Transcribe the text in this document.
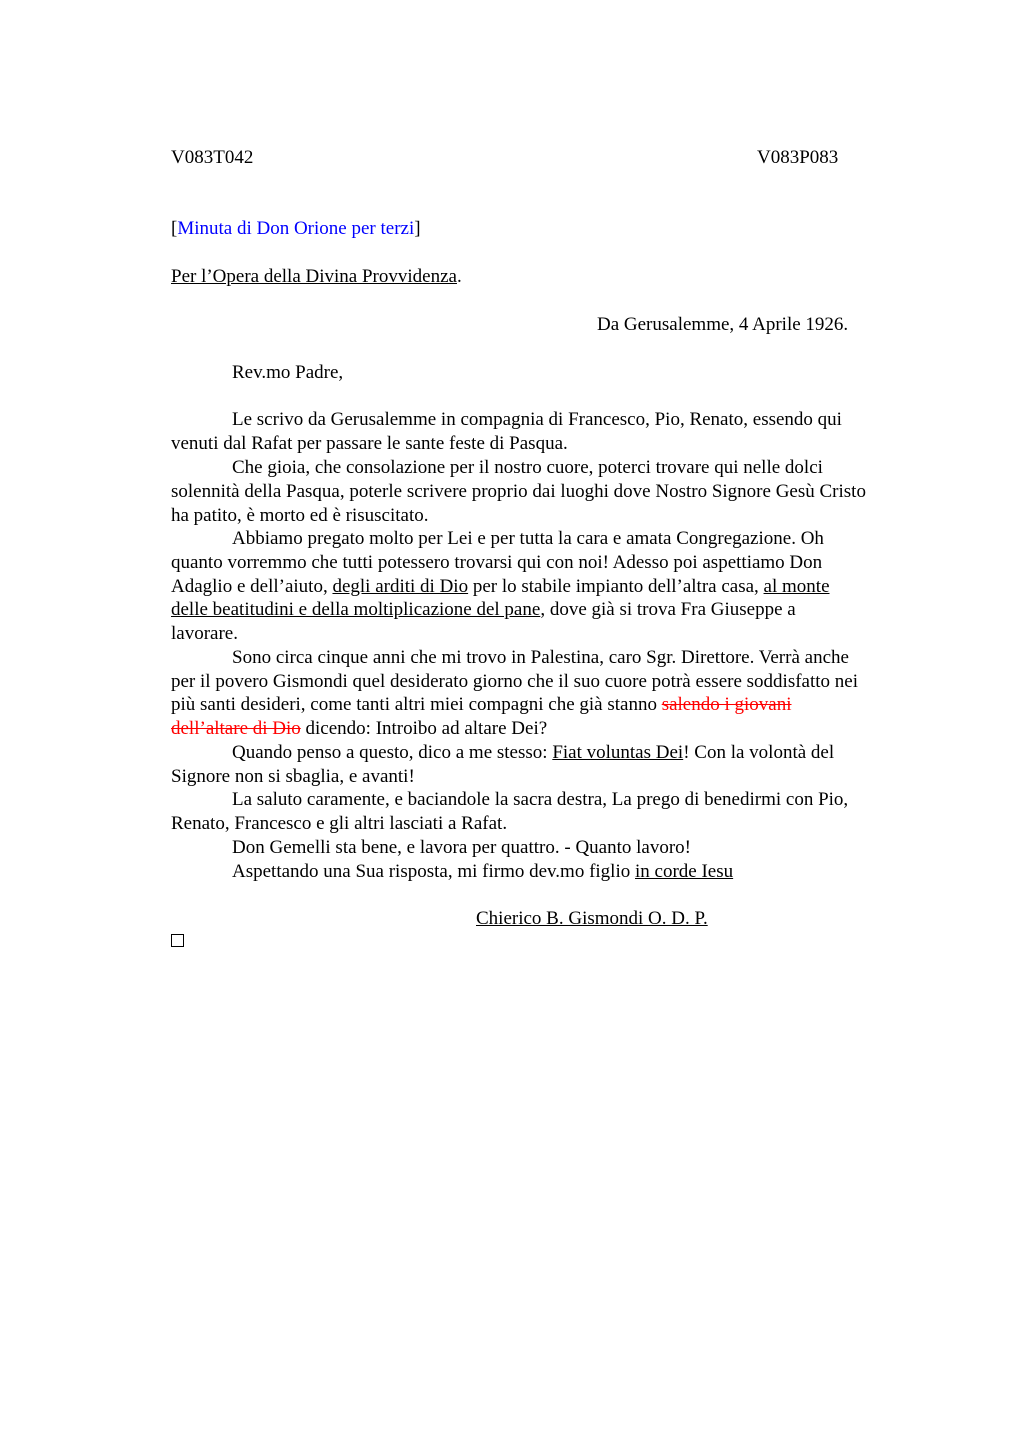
V083T042	V083P083
[Minuta di Don Orione per terzi]
Per l’Opera della Divina Provvidenza.
Da Gerusalemme, 4 Aprile 1926.
Rev.mo Padre,
Le scrivo da Gerusalemme in compagnia di Francesco, Pio, Renato, essendo qui
venuti dal Rafat per passare le sante feste di Pasqua.
Che gioia, che consolazione per il nostro cuore, poterci trovare qui nelle dolci
solennità della Pasqua, poterle scrivere proprio dai luoghi dove Nostro Signore Gesù Cristo
ha patito, è morto ed è risuscitato.
Abbiamo pregato molto per Lei e per tutta la cara e amata Congregazione. Oh
quanto vorremmo che tutti potessero trovarsi qui con noi! Adesso poi aspettiamo Don
Adaglio e dell’aiuto, degli arditi di Dio per lo stabile impianto dell’altra casa, al monte
delle beatitudini e della moltiplicazione del pane, dove già si trova Fra Giuseppe a
lavorare.
Sono circa cinque anni che mi trovo in Palestina, caro Sgr. Direttore. Verrà anche
per il povero Gismondi quel desiderato giorno che il suo cuore potrà essere soddisfatto nei
più santi desideri, come tanti altri miei compagni che già stanno salendo i giovani
dell’altare di Dio dicendo: Introibo ad altare Dei?
Quando penso a questo, dico a me stesso: Fiat voluntas Dei! Con la volontà del
Signore non si sbaglia, e avanti!
La saluto caramente, e baciandole la sacra destra, La prego di benedirmi con Pio,
Renato, Francesco e gli altri lasciati a Rafat.
Don Gemelli sta bene, e lavora per quattro. - Quanto lavoro!
Aspettando una Sua risposta, mi firmo dev.mo figlio in corde Iesu
Chierico B. Gismondi O. D. P.
